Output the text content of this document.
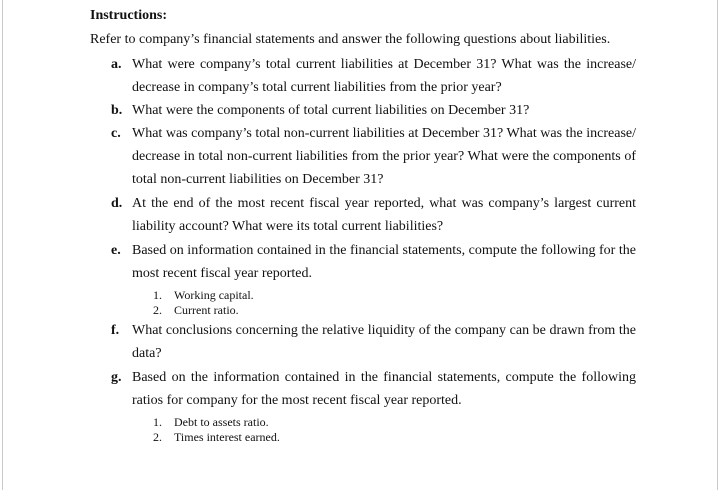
Instructions:
Refer to company’s financial statements and answer the following questions about liabilities.
a. What were company’s total current liabilities at December 31? What was the increase/ decrease in company’s total current liabilities from the prior year?
b. What were the components of total current liabilities on December 31?
c. What was company’s total non-current liabilities at December 31? What was the increase/ decrease in total non-current liabilities from the prior year? What were the components of total non-current liabilities on December 31?
d. At the end of the most recent fiscal year reported, what was company’s largest current liability account? What were its total current liabilities?
e. Based on information contained in the financial statements, compute the following for the most recent fiscal year reported.
1. Working capital.
2. Current ratio.
f. What conclusions concerning the relative liquidity of the company can be drawn from the data?
g. Based on the information contained in the financial statements, compute the following ratios for company for the most recent fiscal year reported.
1. Debt to assets ratio.
2. Times interest earned.
